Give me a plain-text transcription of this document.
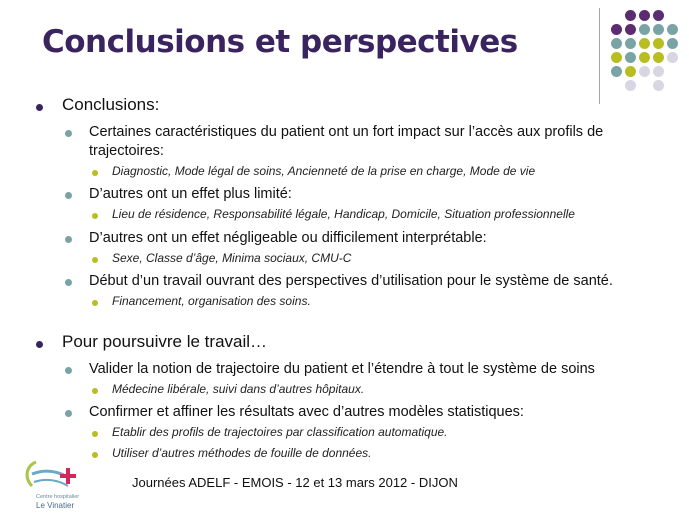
Conclusions et perspectives
Conclusions:
Certaines caractéristiques du patient ont un fort impact sur l’accès aux profils de trajectoires:
Diagnostic, Mode légal de soins, Ancienneté de la prise en charge, Mode de vie
D’autres ont un effet plus limité:
Lieu de résidence, Responsabilité légale, Handicap, Domicile, Situation professionnelle
D’autres ont un effet négligeable ou difficilement interprétable:
Sexe, Classe d’âge, Minima sociaux, CMU-C
Début d’un travail ouvrant des perspectives d’utilisation pour le système de santé.
Financement, organisation des soins.
Pour poursuivre le travail…
Valider la notion de trajectoire du patient et l’étendre à tout le système de soins
Médecine libérale, suivi dans d’autres hôpitaux.
Confirmer et affiner les résultats avec d’autres modèles statistiques:
Etablir des profils de trajectoires par classification automatique.
Utiliser d’autres méthodes de fouille de données.
Centre hospitalier
Le Vinatier
Journées ADELF - EMOIS - 12 et 13 mars 2012 - DIJON
